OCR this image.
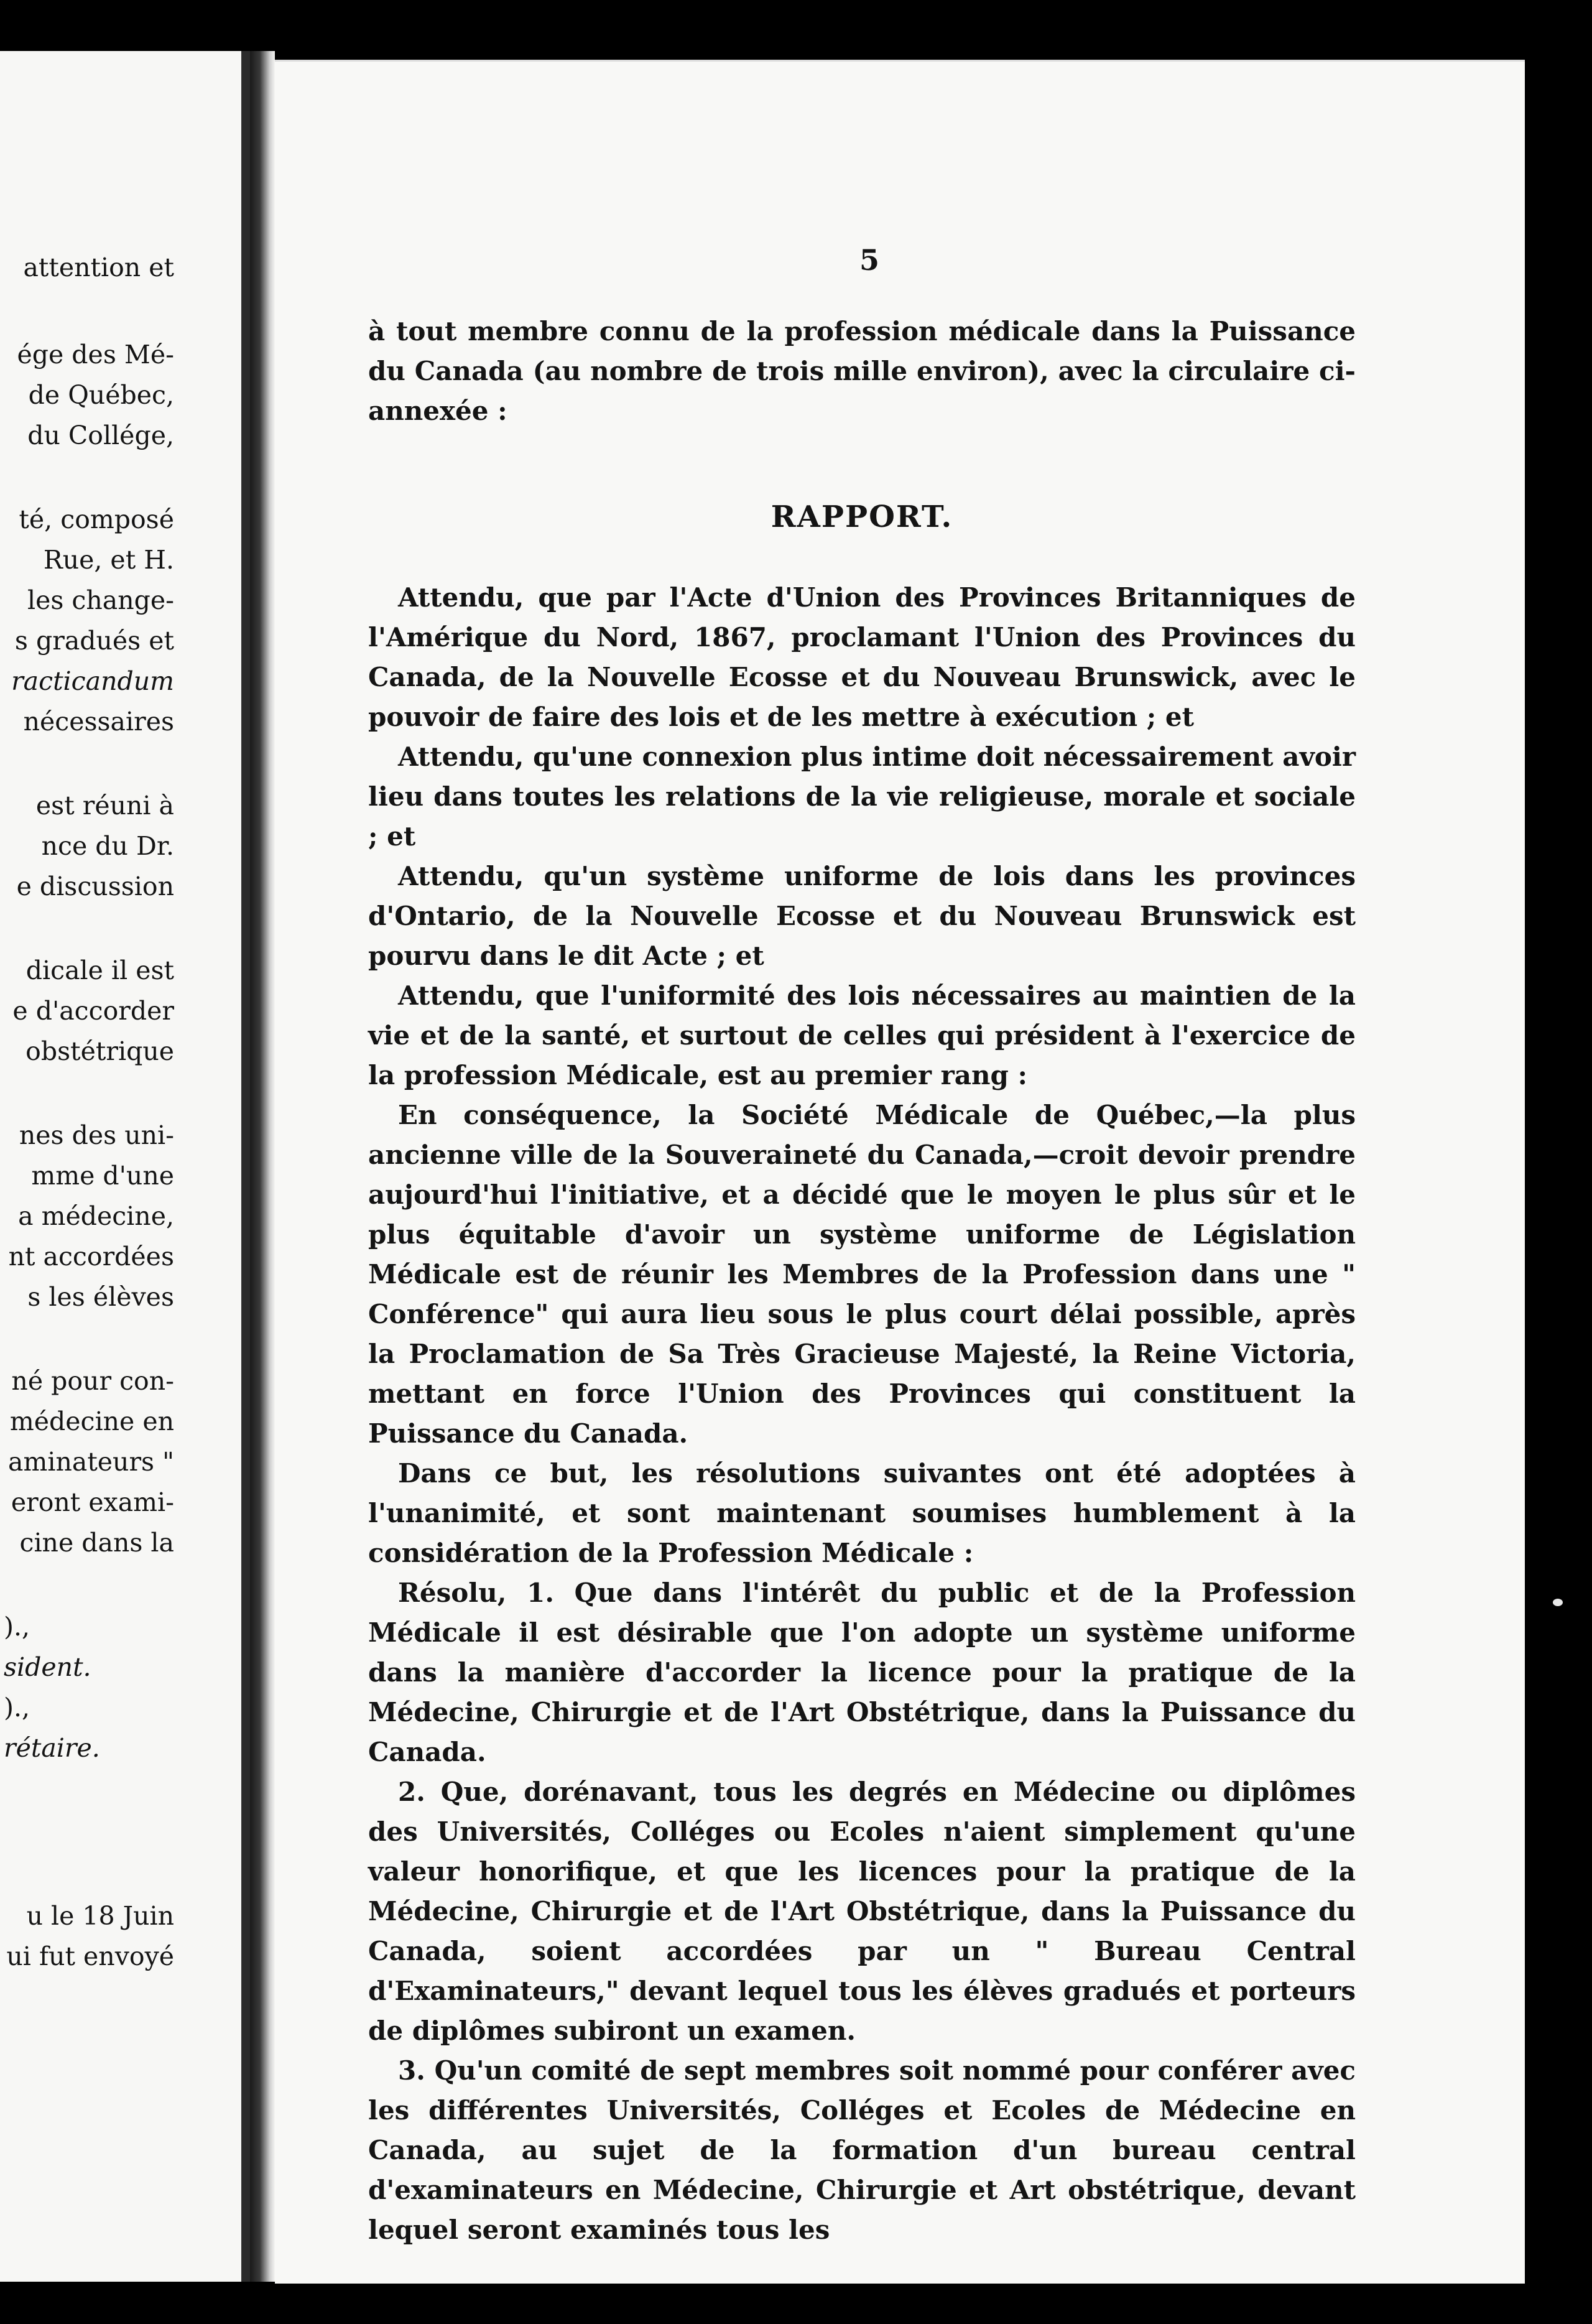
attention et
ége des Mé-
de Québec,
du Collége,
té, composé
Rue, et H.
les change-
s gradués et
racticandum
nécessaires
est réuni à
nce du Dr.
e discussion
dicale il est
e d'accorder
obstétrique
nes des uni-
mme d'une
a médecine,
nt accordées
s les élèves
né pour con-
médecine en
aminateurs "
eront exami-
cine dans la
).,
sident.
).,
rétaire.
u le 18 Juin
ui fut envoyé
5

à tout membre connu de la profession médicale dans la Puissance du Canada (au nombre de trois mille environ), avec la circulaire ci-annexée :

RAPPORT.

Attendu, que par l'Acte d'Union des Provinces Britanniques de l'Amérique du Nord, 1867, proclamant l'Union des Provinces du Canada, de la Nouvelle Ecosse et du Nouveau Brunswick, avec le pouvoir de faire des lois et de les mettre à exécution ; et

Attendu, qu'une connexion plus intime doit nécessairement avoir lieu dans toutes les relations de la vie religieuse, morale et sociale ; et

Attendu, qu'un système uniforme de lois dans les provinces d'Ontario, de la Nouvelle Ecosse et du Nouveau Brunswick est pourvu dans le dit Acte ; et

Attendu, que l'uniformité des lois nécessaires au maintien de la vie et de la santé, et surtout de celles qui président à l'exercice de la profession Médicale, est au premier rang :

En conséquence, la Société Médicale de Québec,—la plus ancienne ville de la Souveraineté du Canada,—croit devoir prendre aujourd'hui l'initiative, et a décidé que le moyen le plus sûr et le plus équitable d'avoir un système uniforme de Législation Médicale est de réunir les Membres de la Profession dans une " Conférence" qui aura lieu sous le plus court délai possible, après la Proclamation de Sa Très Gracieuse Majesté, la Reine Victoria, mettant en force l'Union des Provinces qui constituent la Puissance du Canada.

Dans ce but, les résolutions suivantes ont été adoptées à l'unanimité, et sont maintenant soumises humblement à la considération de la Profession Médicale :

Résolu, 1. Que dans l'intérêt du public et de la Profession Médicale il est désirable que l'on adopte un système uniforme dans la manière d'accorder la licence pour la pratique de la Médecine, Chirurgie et de l'Art Obstétrique, dans la Puissance du Canada.

2. Que, dorénavant, tous les degrés en Médecine ou diplômes des Universités, Colléges ou Ecoles n'aient simplement qu'une valeur honorifique, et que les licences pour la pratique de la Médecine, Chirurgie et de l'Art Obstétrique, dans la Puissance du Canada, soient accordées par un " Bureau Central d'Examinateurs," devant lequel tous les élèves gradués et porteurs de diplômes subiront un examen.

3. Qu'un comité de sept membres soit nommé pour conférer avec les différentes Universités, Colléges et Ecoles de Médecine en Canada, au sujet de la formation d'un bureau central d'examinateurs en Médecine, Chirurgie et Art obstétrique, devant lequel seront examinés tous les
